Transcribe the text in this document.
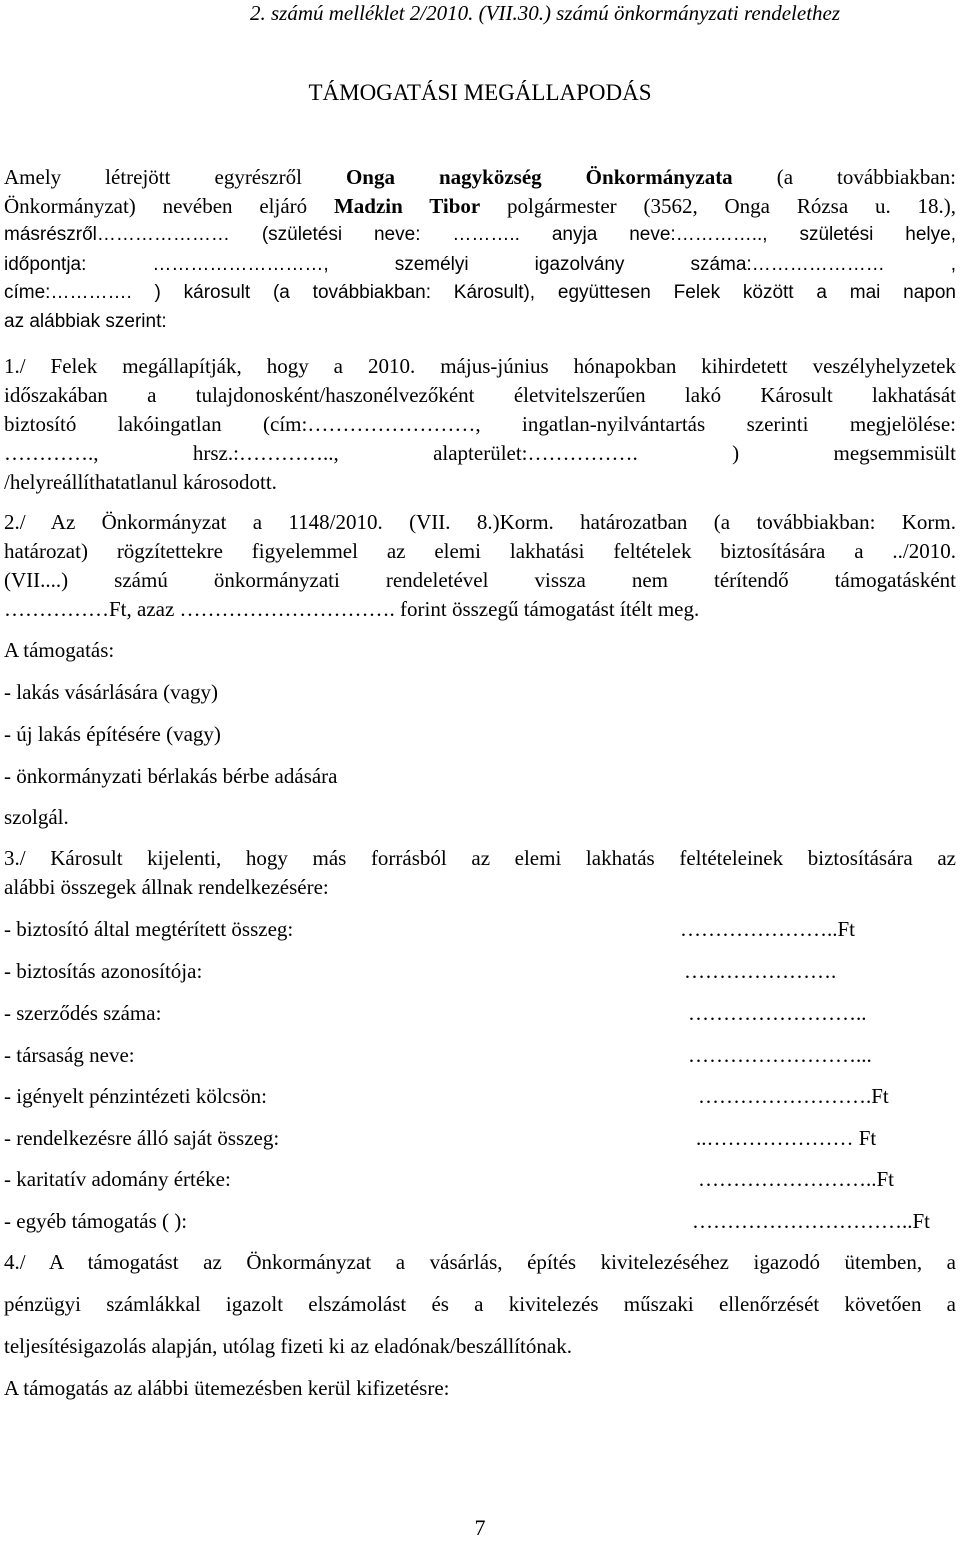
2. számú melléklet 2/2010. (VII.30.) számú önkormányzati rendelethez
TÁMOGATÁSI MEGÁLLAPODÁS
Amely létrejött egyrészről Onga nagyközség Önkormányzata (a továbbiakban:
Önkormányzat) nevében eljáró Madzin Tibor polgármester (3562, Onga Rózsa u. 18.),
másrészről………………… (születési neve: ……….. anyja neve:………….., születési helye,
időpontja: ………………………, személyi igazolvány száma:………………… ,
címe:…………. ) károsult (a továbbiakban: Károsult), együttesen Felek között a mai napon
az alábbiak szerint:
1./ Felek megállapítják, hogy a 2010. május-június hónapokban kihirdetett veszélyhelyzetek
időszakában a tulajdonosként/haszonélvezőként életvitelszerűen lakó Károsult lakhatását
biztosító lakóingatlan (cím:……………………, ingatlan-nyilvántartás szerinti megjelölése:
…………., hrsz.:………….., alapterület:……………. ) megsemmisült
/helyreállíthatatlanul károsodott.
2./ Az Önkormányzat a 1148/2010. (VII. 8.)Korm. határozatban (a továbbiakban: Korm.
határozat) rögzítettekre figyelemmel az elemi lakhatási feltételek biztosítására a ../2010.
(VII....) számú önkormányzati rendeletével vissza nem térítendő támogatásként
……………Ft, azaz …………………………. forint összegű támogatást ítélt meg.
A támogatás:
- lakás vásárlására (vagy)
- új lakás építésére (vagy)
- önkormányzati bérlakás bérbe adására
szolgál.
3./ Károsult kijelenti, hogy más forrásból az elemi lakhatás feltételeinek biztosítására az
alábbi összegek állnak rendelkezésére:
- biztosító által megtérített összeg:	…………………..Ft
- biztosítás azonosítója:	………………….
- szerződés száma:	……………………..
- társaság neve:	……………………...
- igényelt pénzintézeti kölcsön:	…………………….Ft
- rendelkezésre álló saját összeg:	..………………… Ft
- karitatív adomány értéke:	……………………..Ft
- egyéb támogatás ( ):	…………………………..Ft
4./ A támogatást az Önkormányzat a vásárlás, építés kivitelezéséhez igazodó ütemben, a
pénzügyi számlákkal igazolt elszámolást és a kivitelezés műszaki ellenőrzését követően a
teljesítésigazolás alapján, utólag fizeti ki az eladónak/beszállítónak.
A támogatás az alábbi ütemezésben kerül kifizetésre:
7
